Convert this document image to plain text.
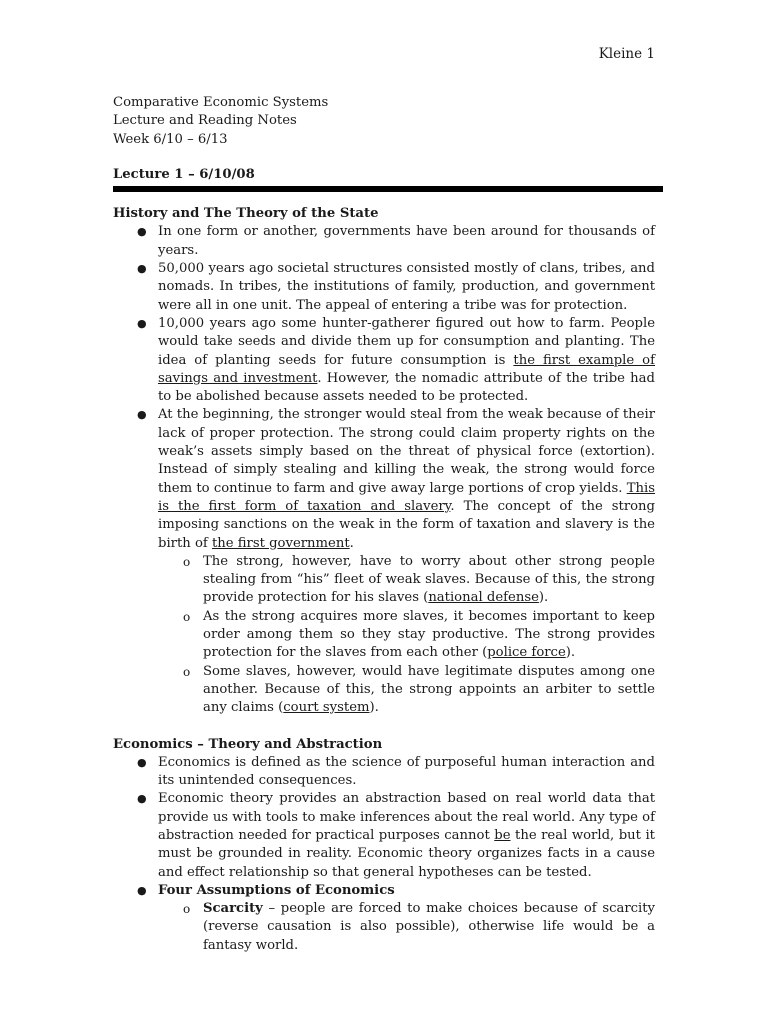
Kleine 1

Comparative Economic Systems

Lecture and Reading Notes

Week 6/10 – 6/13

Lecture 1 – 6/10/08

History and The Theory of the State

● In one form or another, governments have been around for thousands of years.
● 50,000 years ago societal structures consisted mostly of clans, tribes, and nomads. In tribes, the institutions of family, production, and government were all in one unit. The appeal of entering a tribe was for protection.
● 10,000 years ago some hunter-gatherer figured out how to farm. People would take seeds and divide them up for consumption and planting. The idea of planting seeds for future consumption is the first example of savings and investment. However, the nomadic attribute of the tribe had to be abolished because assets needed to be protected.
● At the beginning, the stronger would steal from the weak because of their lack of proper protection. The strong could claim property rights on the weak’s assets simply based on the threat of physical force (extortion). Instead of simply stealing and killing the weak, the strong would force them to continue to farm and give away large portions of crop yields. This is the first form of taxation and slavery. The concept of the strong imposing sanctions on the weak in the form of taxation and slavery is the birth of the first government.
o The strong, however, have to worry about other strong people stealing from “his” fleet of weak slaves. Because of this, the strong provide protection for his slaves (national defense).
o As the strong acquires more slaves, it becomes important to keep order among them so they stay productive. The strong provides protection for the slaves from each other (police force).
o Some slaves, however, would have legitimate disputes among one another. Because of this, the strong appoints an arbiter to settle any claims (court system).

Economics – Theory and Abstraction

● Economics is defined as the science of purposeful human interaction and its unintended consequences.
● Economic theory provides an abstraction based on real world data that provide us with tools to make inferences about the real world. Any type of abstraction needed for practical purposes cannot be the real world, but it must be grounded in reality. Economic theory organizes facts in a cause and effect relationship so that general hypotheses can be tested.
● Four Assumptions of Economics
o Scarcity – people are forced to make choices because of scarcity (reverse causation is also possible), otherwise life would be a fantasy world.
